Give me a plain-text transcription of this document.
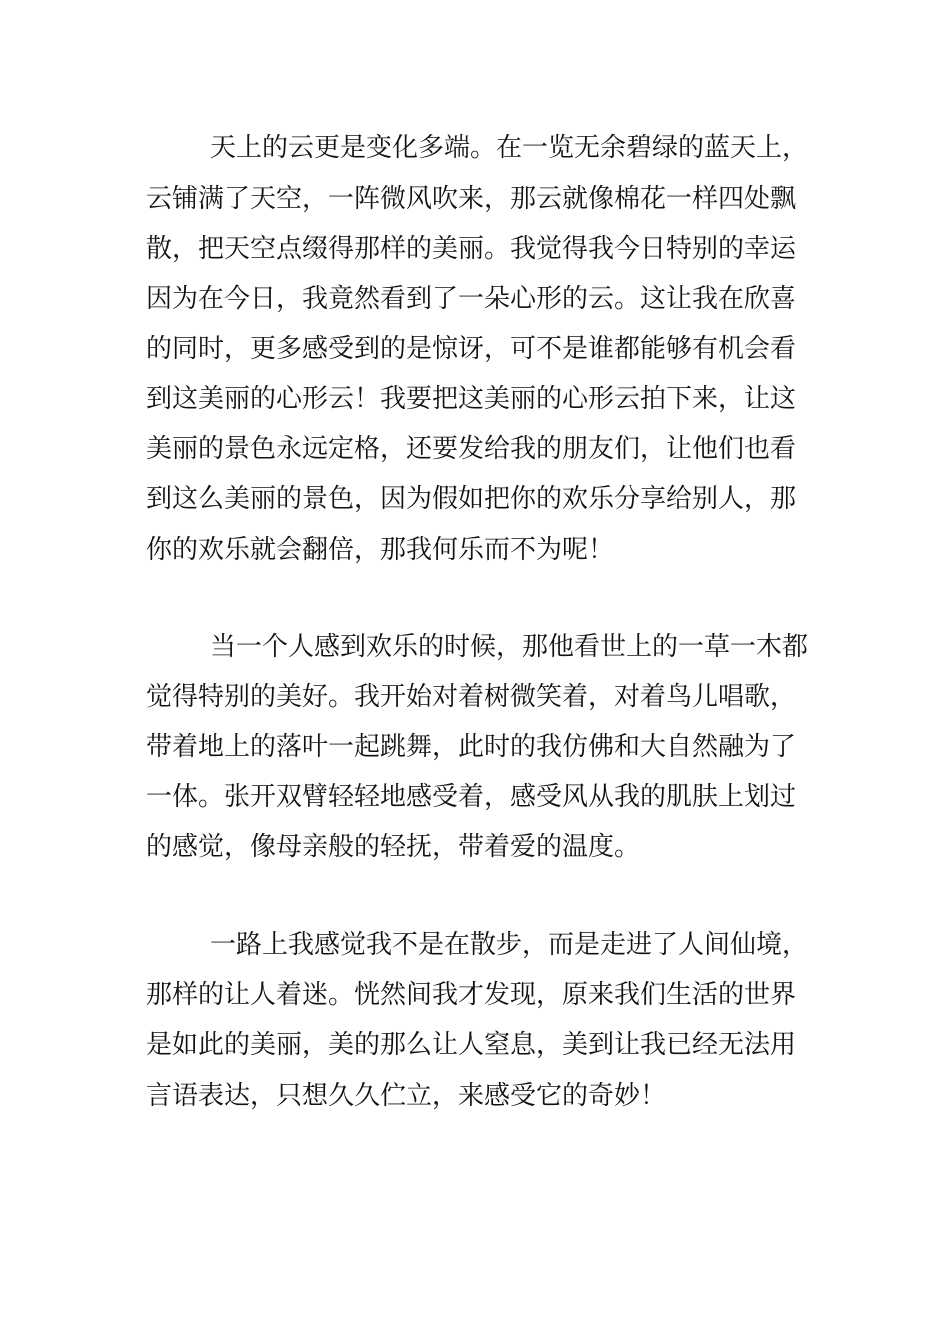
天上的云更是变化多端。在一览无余碧绿的蓝天上，
云铺满了天空，一阵微风吹来，那云就像棉花一样四处飘
散，把天空点缀得那样的美丽。我觉得我今日特别的幸运
因为在今日，我竟然看到了一朵心形的云。这让我在欣喜
的同时，更多感受到的是惊讶，可不是谁都能够有机会看
到这美丽的心形云！我要把这美丽的心形云拍下来，让这
美丽的景色永远定格，还要发给我的朋友们，让他们也看
到这么美丽的景色，因为假如把你的欢乐分享给别人，那
你的欢乐就会翻倍，那我何乐而不为呢！
当一个人感到欢乐的时候，那他看世上的一草一木都
觉得特别的美好。我开始对着树微笑着，对着鸟儿唱歌，
带着地上的落叶一起跳舞，此时的我仿佛和大自然融为了
一体。张开双臂轻轻地感受着，感受风从我的肌肤上划过
的感觉，像母亲般的轻抚，带着爱的温度。
一路上我感觉我不是在散步，而是走进了人间仙境，
那样的让人着迷。恍然间我才发现，原来我们生活的世界
是如此的美丽，美的那么让人窒息，美到让我已经无法用
言语表达，只想久久伫立，来感受它的奇妙！
